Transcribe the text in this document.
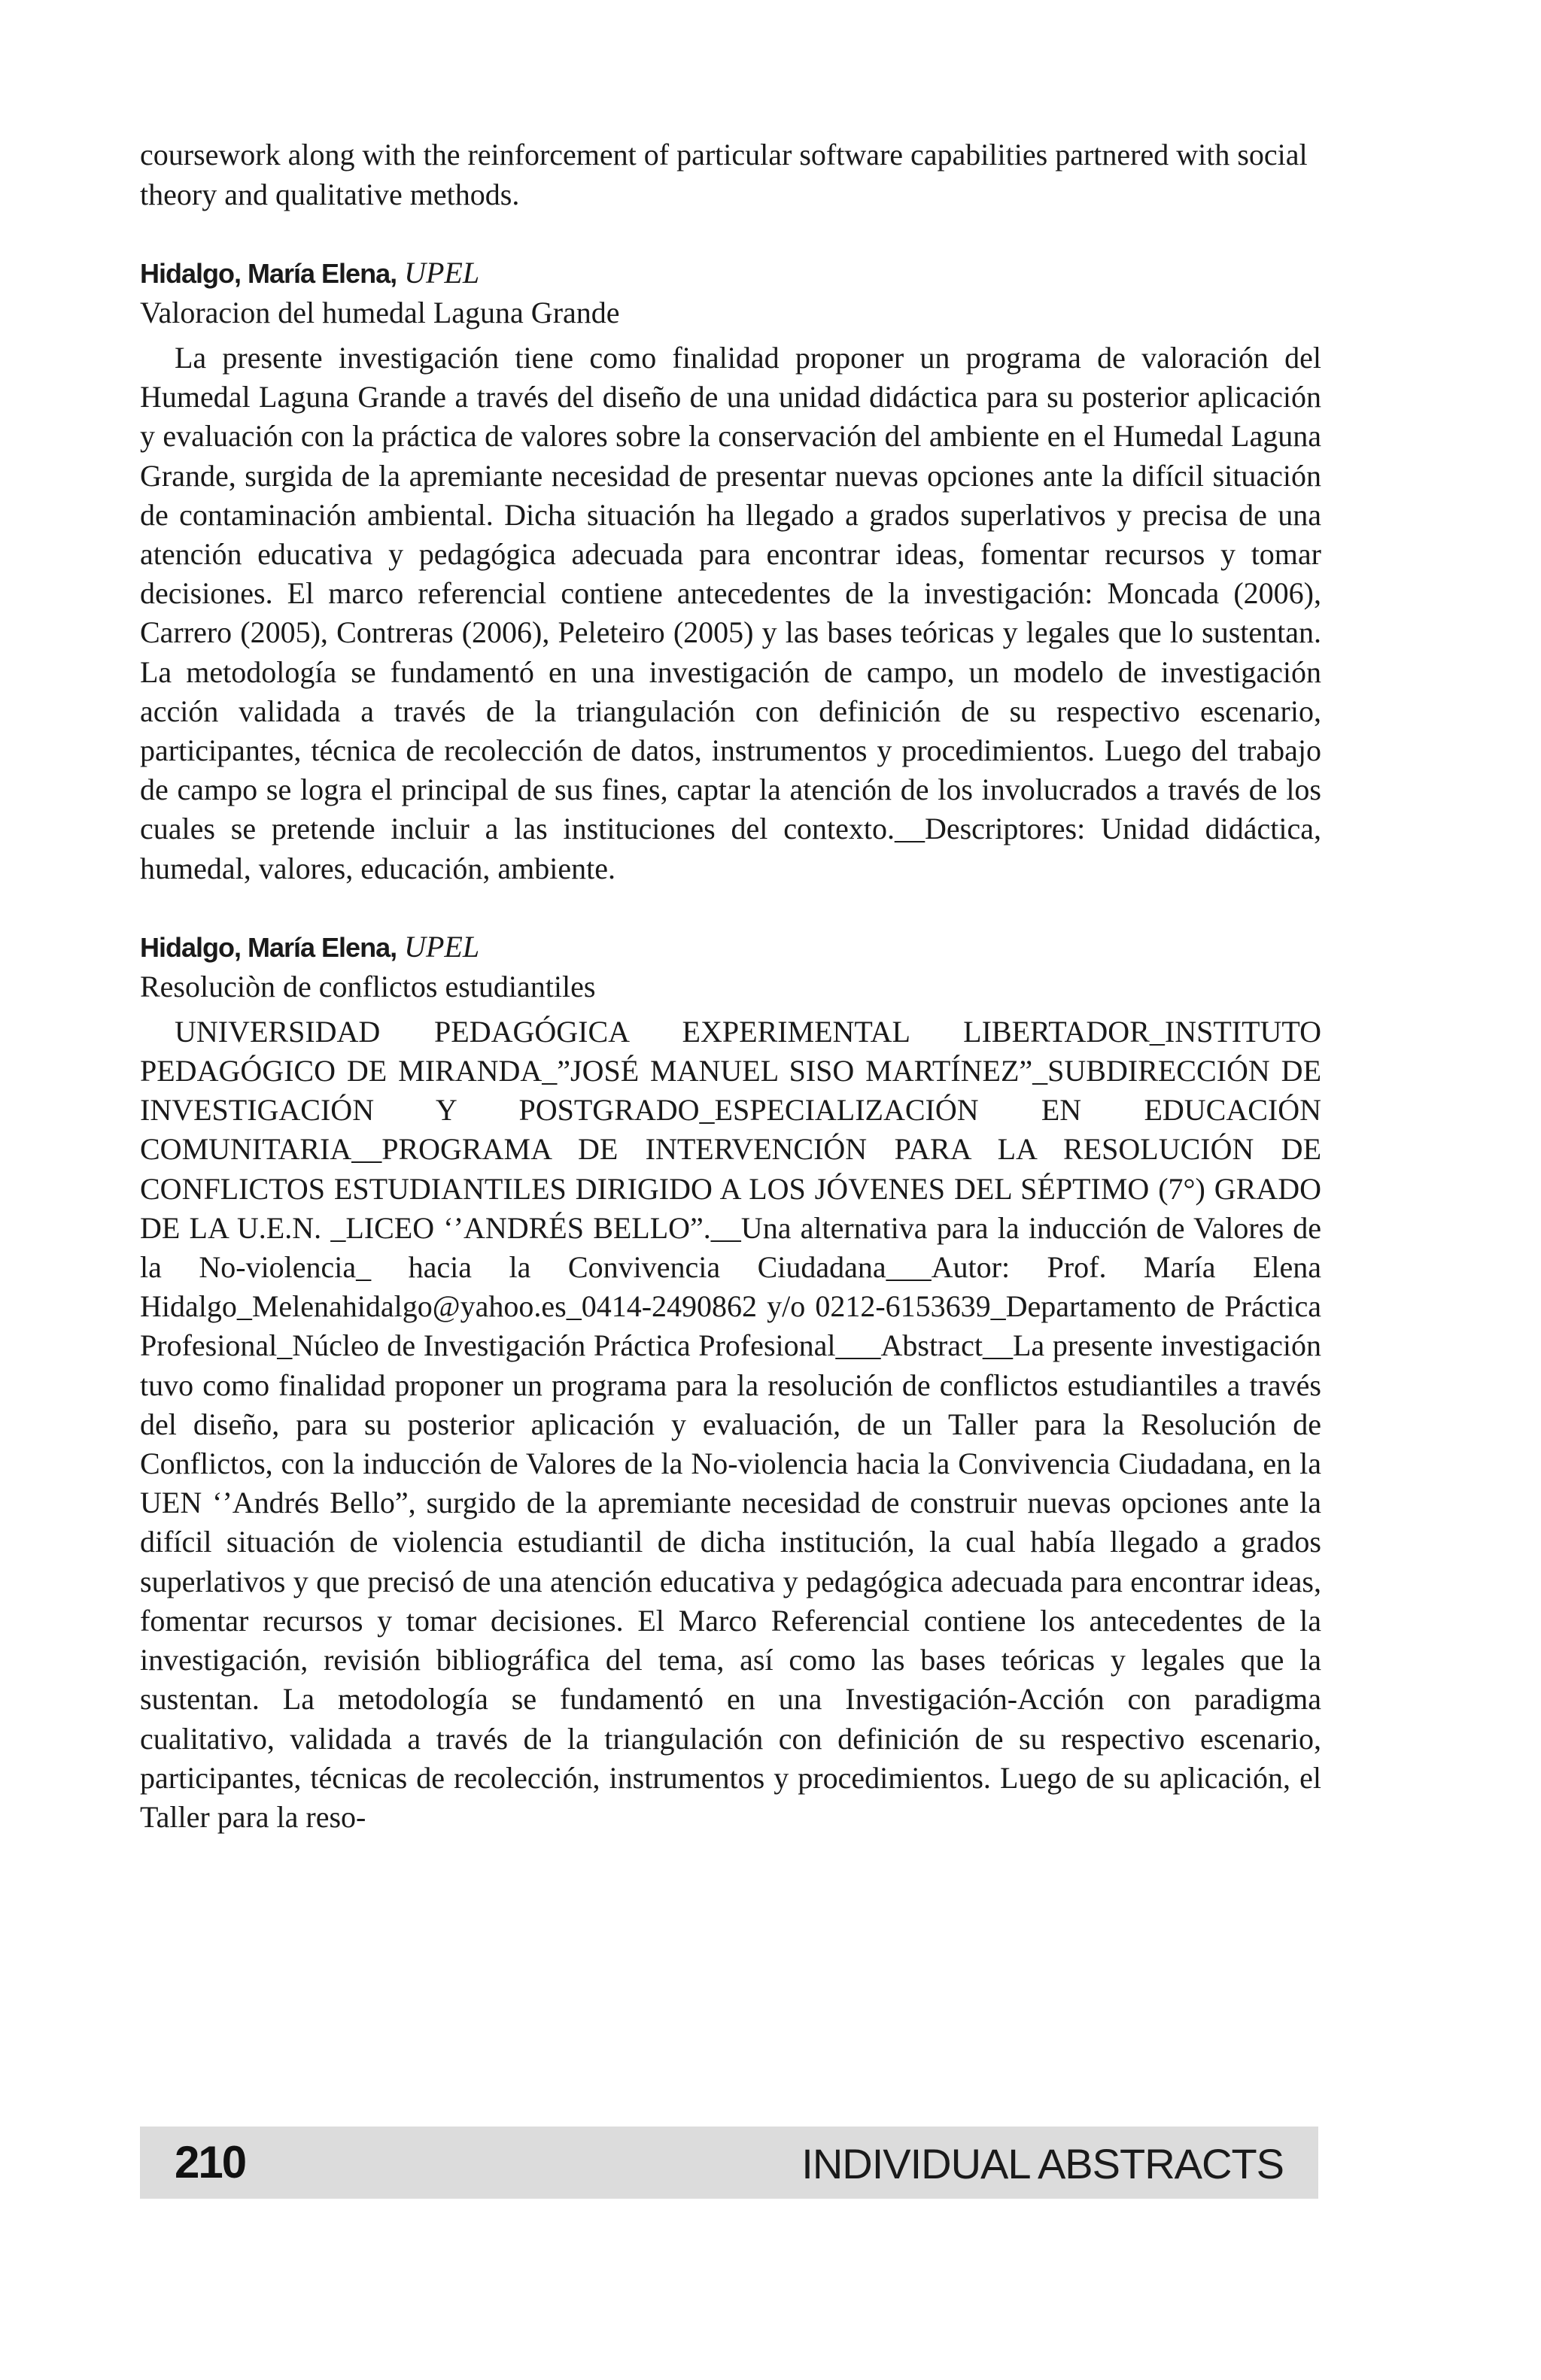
coursework along with the reinforcement of particular software capabilities partnered with social theory and qualitative methods.

Hidalgo, María Elena, UPEL

Valoracion del humedal Laguna Grande

La presente investigación tiene como finalidad proponer un programa de valoración del Humedal Laguna Grande a través del diseño de una unidad didáctica para su posterior aplicación y evaluación con la práctica de valores sobre la conservación del ambiente en el Humedal Laguna Grande, surgida de la apremiante necesidad de presentar nuevas opciones ante la difícil situación de contaminación ambiental. Dicha situación ha llegado a grados superlativos y precisa de una atención educativa y pedagógica adecuada para encontrar ideas, fomentar recursos y tomar decisiones. El marco referencial contiene antecedentes de la investigación: Moncada (2006), Carrero (2005), Contreras (2006), Peleteiro (2005) y las bases teóricas y legales que lo sustentan. La metodología se fundamentó en una investigación de campo, un modelo de investigación acción validada a través de la triangulación con definición de su respectivo escenario, participantes, técnica de recolección de datos, instrumentos y procedimientos. Luego del trabajo de campo se logra el principal de sus fines, captar la atención de los involucrados a través de los cuales se pretende incluir a las instituciones del contexto.__Descriptores: Unidad didáctica, humedal, valores, educación, ambiente.

Hidalgo, María Elena, UPEL

Resoluciòn de conflictos estudiantiles

UNIVERSIDAD PEDAGÓGICA EXPERIMENTAL LIBERTADOR_INSTITUTO PEDAGÓGICO DE MIRANDA_”JOSÉ MANUEL SISO MARTÍNEZ”_SUBDIRECCIÓN DE INVESTIGACIÓN Y POSTGRADO_ESPECIALIZACIÓN EN EDUCACIÓN COMUNITARIA__PROGRAMA DE INTERVENCIÓN PARA LA RESOLUCIÓN DE CONFLICTOS ESTUDIANTILES DIRIGIDO A LOS JÓVENES DEL SÉPTIMO (7°) GRADO DE LA U.E.N. _LICEO ‘’ANDRÉS BELLO”.__Una alternativa para la inducción de Valores de la No-violencia_ hacia la Convivencia Ciudadana___Autor: Prof. María Elena Hidalgo_Melenahidalgo@yahoo.es_0414-2490862 y/o 0212-6153639_Departamento de Práctica Profesional_Núcleo de Investigación Práctica Profesional___Abstract__La presente investigación tuvo como finalidad proponer un programa para la resolución de conflictos estudiantiles a través del diseño, para su posterior aplicación y evaluación, de un Taller para la Resolución de Conflictos, con la inducción de Valores de la No-violencia hacia la Convivencia Ciudadana, en la UEN ‘’Andrés Bello”, surgido de la apremiante necesidad de construir nuevas opciones ante la difícil situación de violencia estudiantil de dicha institución, la cual había llegado a grados superlativos y que precisó de una atención educativa y pedagógica adecuada para encontrar ideas, fomentar recursos y tomar decisiones. El Marco Referencial contiene los antecedentes de la investigación, revisión bibliográfica del tema, así como las bases teóricas y legales que la sustentan. La metodología se fundamentó en una Investigación-Acción con paradigma cualitativo, validada a través de la triangulación con definición de su respectivo escenario, participantes, técnicas de recolección, instrumentos y procedimientos. Luego de su aplicación, el Taller para la reso-

210	INDIVIDUAL ABSTRACTS
